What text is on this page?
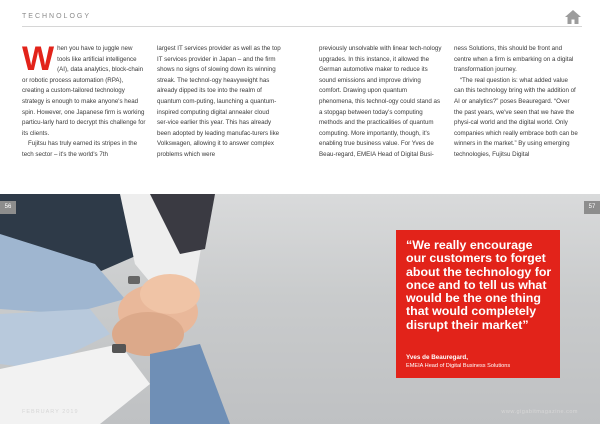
TECHNOLOGY
W hen you have to juggle new tools like artificial intelligence (AI), data analytics, block-chain or robotic process automation (RPA), creating a custom-tailored technology strategy is enough to make anyone's head spin. However, one Japanese firm is working particu-larly hard to decrypt this challenge for its clients.

Fujitsu has truly earned its stripes in the tech sector – it's the world's 7th

largest IT services provider as well as the top IT services provider in Japan – and the firm shows no signs of slowing down its winning streak. The technol-ogy heavyweight has already dipped its toe into the realm of quantum com-puting, launching a quantum-inspired computing digital annealer cloud ser-vice earlier this year. This has already been adopted by leading manufac-turers like Volkswagen, allowing it to answer complex problems which were

previously unsolvable with linear tech-nology upgrades. In this instance, it allowed the German automotive maker to reduce its sound emissions and improve driving comfort. Drawing upon quantum phenomena, this technol-ogy could stand as a stopgap between today's computing methods and the practicalities of quantum computing. More importantly, though, it's enabling true business value. For Yves de Beau-regard, EMEIA Head of Digital Busi-

ness Solutions, this should be front and centre when a firm is embarking on a digital transformation journey.

“The real question is: what added value can this technology bring with the addition of AI or analytics?” poses Beauregard. “Over the past years, we've seen that we have the physi-cal world and the digital world. Only companies which really embrace both can be winners in the market.” By using emerging technologies, Fujitsu Digital

56	57
“We really encourage our customers to forget about the technology for once and to tell us what would be the one thing that would completely disrupt their market”
Yves de Beauregard,
EMEIA Head of Digital Business Solutions
FEBRUARY 2019	www.gigabitmagazine.com
